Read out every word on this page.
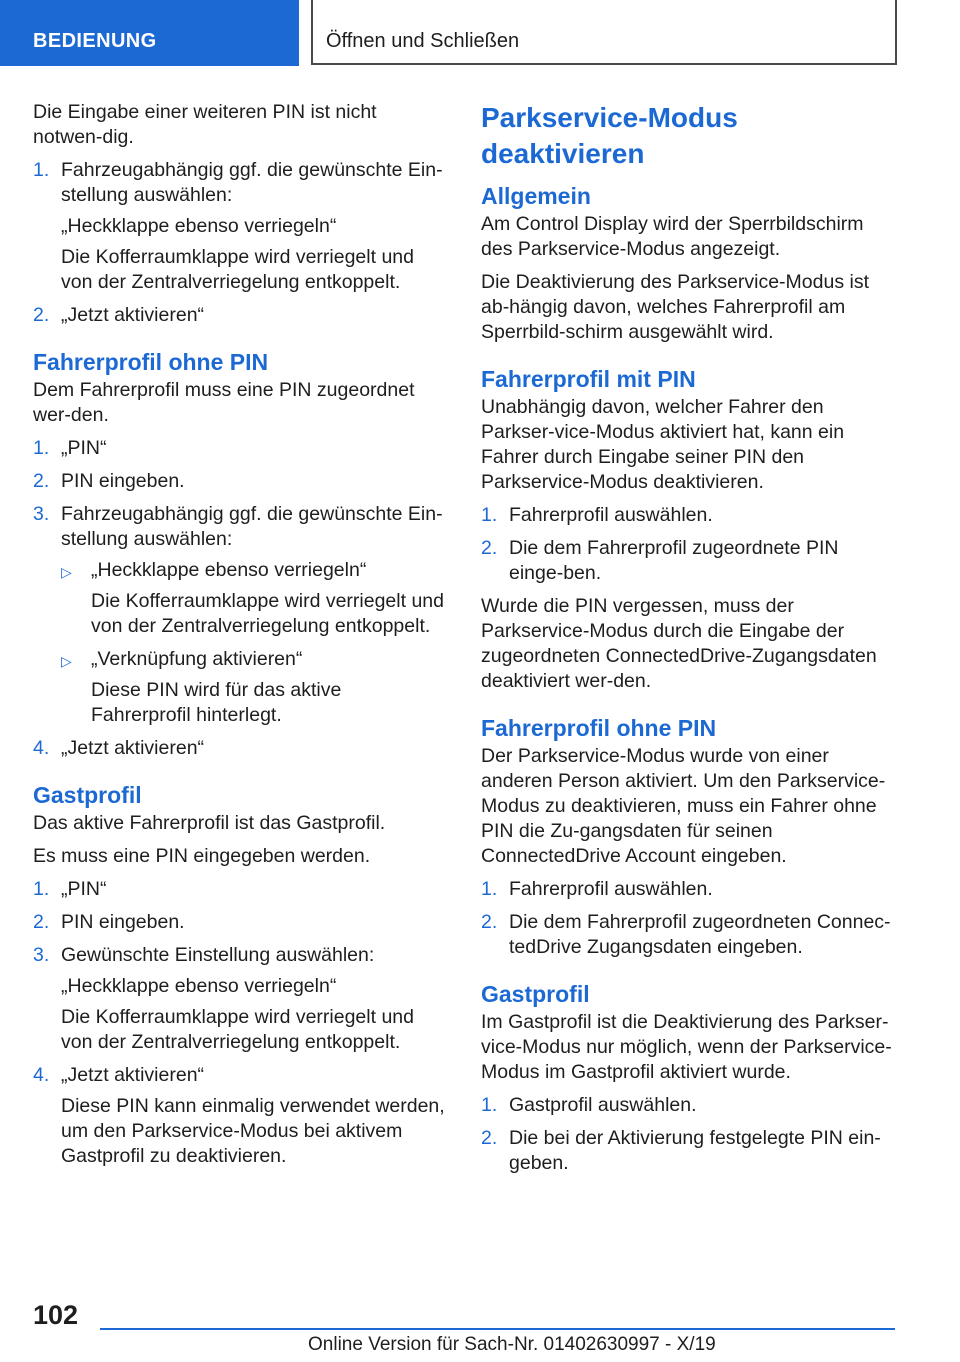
BEDIENUNG	Öffnen und Schließen

Die Eingabe einer weiteren PIN ist nicht notwen-dig.

1. Fahrzeugabhängig ggf. die gewünschte Ein-stellung auswählen:

„Heckklappe ebenso verriegeln“

Die Kofferraumklappe wird verriegelt und von der Zentralverriegelung entkoppelt.

2. „Jetzt aktivieren“
Fahrerprofil ohne PIN

Dem Fahrerprofil muss eine PIN zugeordnet wer-den.

1. „PIN“
2. PIN eingeben.
3. Fahrzeugabhängig ggf. die gewünschte Ein-stellung auswählen:
▷ „Heckklappe ebenso verriegeln“

Die Kofferraumklappe wird verriegelt und von der Zentralverriegelung entkoppelt.

▷ „Verknüpfung aktivieren“

Diese PIN wird für das aktive Fahrerprofil hinterlegt.

4. „Jetzt aktivieren“
Gastprofil

Das aktive Fahrerprofil ist das Gastprofil.

Es muss eine PIN eingegeben werden.

1. „PIN“
2. PIN eingeben.
3. Gewünschte Einstellung auswählen:

„Heckklappe ebenso verriegeln“

Die Kofferraumklappe wird verriegelt und von der Zentralverriegelung entkoppelt.

4. „Jetzt aktivieren“

Diese PIN kann einmalig verwendet werden, um den Parkservice-Modus bei aktivem Gastprofil zu deaktivieren.

Parkservice-Modus deaktivieren
Allgemein

Am Control Display wird der Sperrbildschirm des Parkservice-Modus angezeigt.

Die Deaktivierung des Parkservice-Modus ist ab-hängig davon, welches Fahrerprofil am Sperrbild-schirm ausgewählt wird.

Fahrerprofil mit PIN

Unabhängig davon, welcher Fahrer den Parkser-vice-Modus aktiviert hat, kann ein Fahrer durch Eingabe seiner PIN den Parkservice-Modus deaktivieren.

1. Fahrerprofil auswählen.
2. Die dem Fahrerprofil zugeordnete PIN einge-ben.

Wurde die PIN vergessen, muss der Parkservice-Modus durch die Eingabe der zugeordneten ConnectedDrive-Zugangsdaten deaktiviert wer-den.

Fahrerprofil ohne PIN

Der Parkservice-Modus wurde von einer anderen Person aktiviert. Um den Parkservice-Modus zu deaktivieren, muss ein Fahrer ohne PIN die Zu-gangsdaten für seinen ConnectedDrive Account eingeben.

1. Fahrerprofil auswählen.
2. Die dem Fahrerprofil zugeordneten Connec-tedDrive Zugangsdaten eingeben.
Gastprofil

Im Gastprofil ist die Deaktivierung des Parkser-vice-Modus nur möglich, wenn der Parkservice-Modus im Gastprofil aktiviert wurde.

1. Gastprofil auswählen.
2. Die bei der Aktivierung festgelegte PIN ein-geben.
102
Online Version für Sach-Nr. 01402630997 - X/19
